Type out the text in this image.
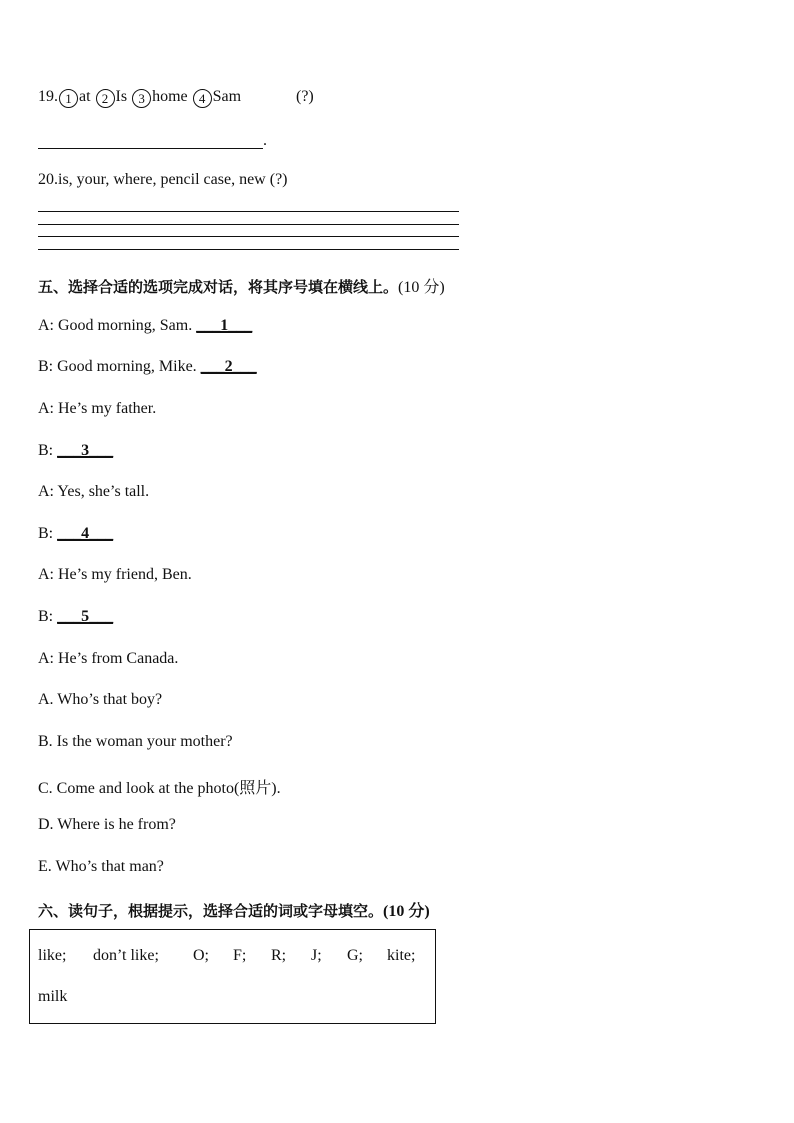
19. 1 at 2 Is 3 home 4 Sam	(?)
.
20.is, your, where, pencil case, new (?)
五、选择合适的选项完成对话，将其序号填在横线上。(10 分)
A: Good morning, Sam. ___1___
B: Good morning, Mike. ___2___
A: He’s my father.
B: ___3___
A: Yes, she’s tall.
B: ___4___
A: He’s my friend, Ben.
B: ___5___
A: He’s from Canada.
A. Who’s that boy?
B. Is the woman your mother?
C. Come and look at the photo(照片).
D. Where is he from?
E. Who’s that man?
六、读句子，根据提示，选择合适的词或字母填空。(10 分)
like; don’t like; O; F; R; J; G; kite;
milk
